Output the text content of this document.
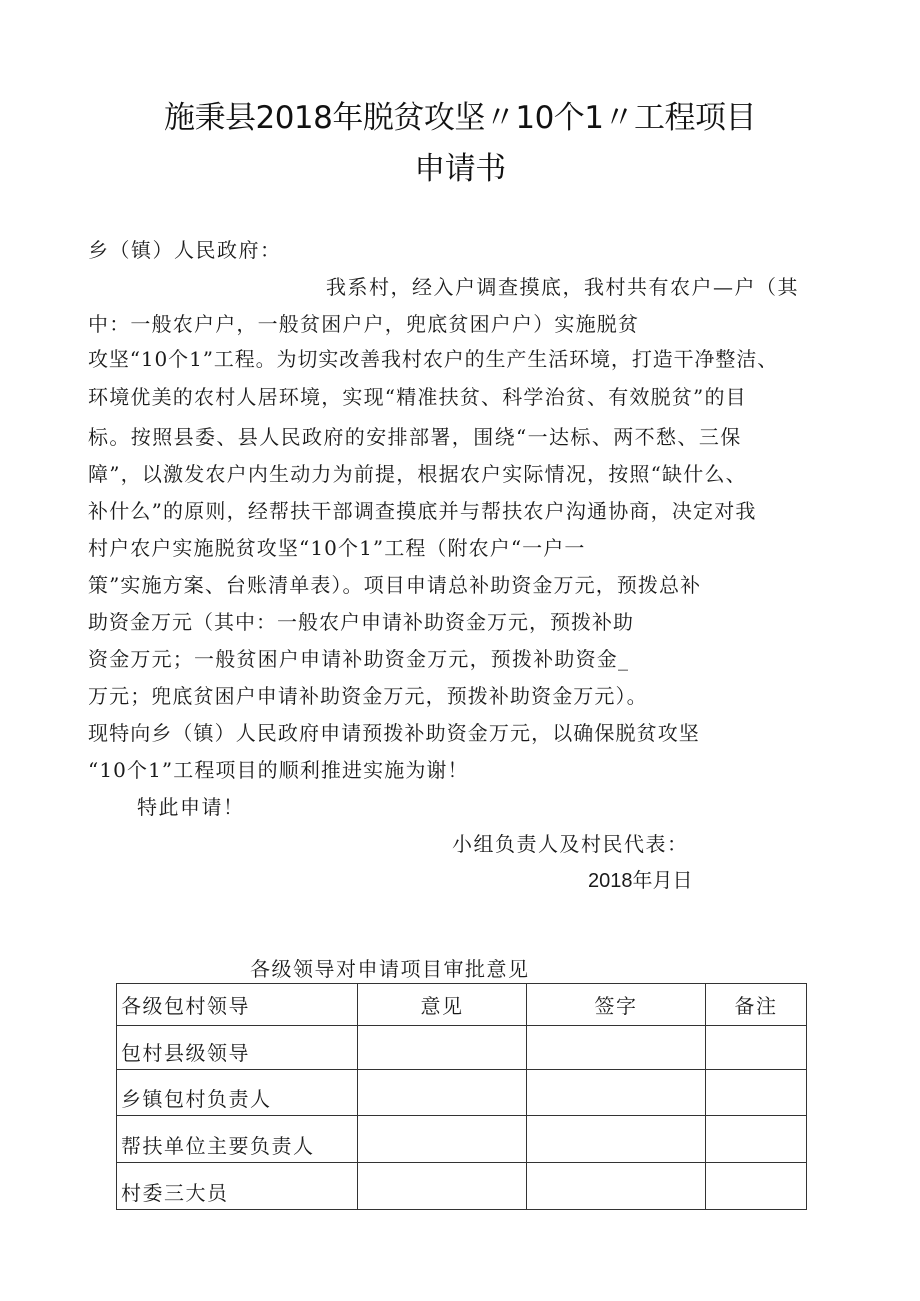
施秉县2018年脱贫攻坚〃10个1〃工程项目
申请书
乡（镇）人民政府：
我系村，经入户调查摸底，我村共有农户—户（其
中：一般农户户，一般贫困户户，兜底贫困户户）实施脱贫
攻坚“10个1”工程。为切实改善我村农户的生产生活环境，打造干净整洁、
环境优美的农村人居环境，实现“精准扶贫、科学治贫、有效脱贫”的目
标。按照县委、县人民政府的安排部署，围绕“一达标、两不愁、三保
障”，以激发农户内生动力为前提，根据农户实际情况，按照“缺什么、
补什么”的原则，经帮扶干部调查摸底并与帮扶农户沟通协商，决定对我
村户农户实施脱贫攻坚“10个1”工程（附农户“一户一
策”实施方案、台账清单表）。项目申请总补助资金万元，预拨总补
助资金万元（其中：一般农户申请补助资金万元，预拨补助
资金万元；一般贫困户申请补助资金万元，预拨补助资金_
万元；兜底贫困户申请补助资金万元，预拨补助资金万元）。
现特向乡（镇）人民政府申请预拨补助资金万元，以确保脱贫攻坚
“10个1”工程项目的顺利推进实施为谢！
特此申请！
小组负责人及村民代表：
2018年月日
各级领导对申请项目审批意见
各级包村领导	意见	签字	备注
包村县级领导			
乡镇包村负责人			
帮扶单位主要负责人			
村委三大员			
